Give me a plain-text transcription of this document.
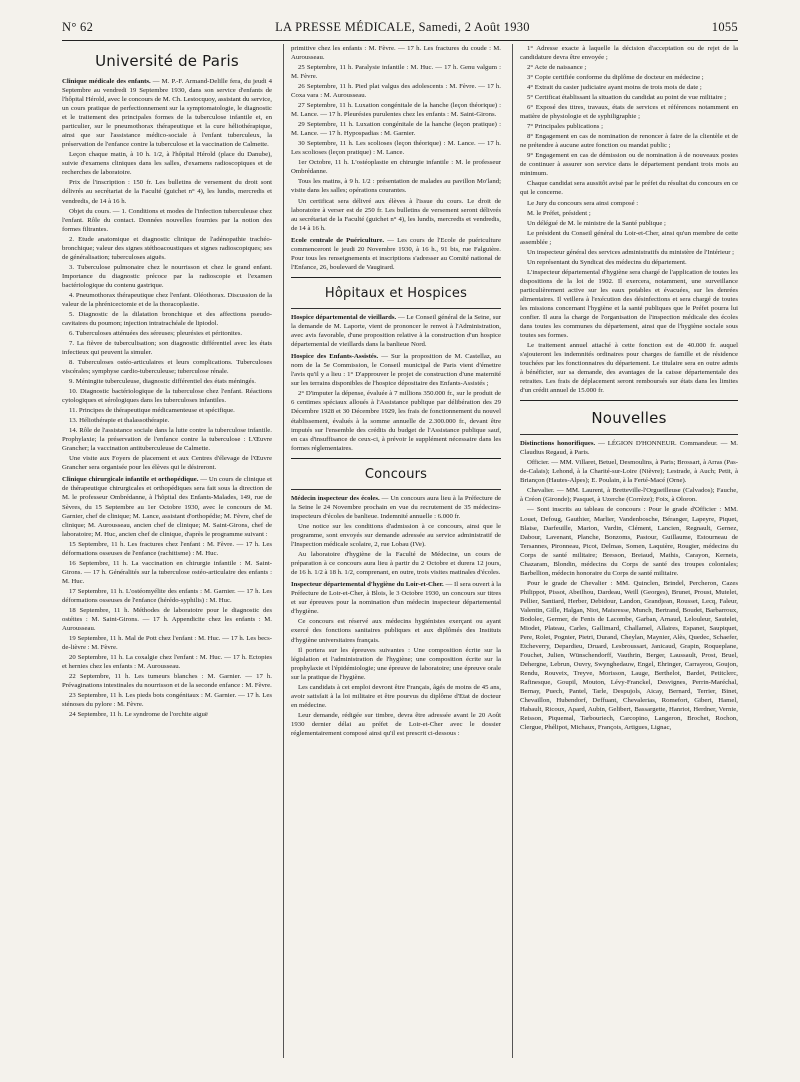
N° 62	LA PRESSE MÉDICALE, Samedi, 2 Août 1930	1055
Université de Paris

Clinique médicale des enfants. — M. P.-F. Armand-Delille fera, du jeudi 4 Septembre au vendredi 19 Septembre 1930, dans son service d'enfants de l'hôpital Hérold, avec le concours de M. Ch. Lestocquoy, assistant du service, un cours pratique de perfectionnement sur la symptomatologie, le diagnostic et le traitement des principales formes de la tuberculose infantile et, en particulier, sur le pneumothorax thérapeutique et la cure héliothérapique, ainsi que sur l'assistance médico-sociale à l'enfant tuberculeux, la préservation de l'enfance contre la tuberculose et la vaccination de Calmette.

Leçon chaque matin, à 10 h. 1/2, à l'hôpital Hérold (place du Danube), suivie d'examens cliniques dans les salles, d'examens radioscopiques et de recherches de laboratoire.

Prix de l'inscription : 150 fr. Les bulletins de versement du droit sont délivrés au secrétariat de la Faculté (guichet n° 4), les lundis, mercredis et vendredis, de 14 à 16 h.

Objet du cours. — 1. Conditions et modes de l'infection tuberculeuse chez l'enfant. Rôle du contact. Données nouvelles fournies par la notion des formes filtrantes.

2. Etude anatomique et diagnostic clinique de l'adénopathie trachéo-bronchique; valeur des signes stéthoacoustiques et signes radioscopiques; ses de généralisation; tuberculoses aiguës.

3. Tuberculose pulmonaire chez le nourrisson et chez le grand enfant. Importance du diagnostic précoce par la radioscopie et l'examen bactériologique du contenu gastrique.

4. Pneumothorax thérapeutique chez l'enfant. Oléothorax. Discussion de la valeur de la phrénicectomie et de la thoracoplastie.

5. Diagnostic de la dilatation bronchique et des affections pseudo-cavitaires du poumon; injection intratrachéale de lipiodol.

6. Tuberculoses atténuées des séreuses; pleurésies et péritonites.

7. La fièvre de tuberculisation; son diagnostic différentiel avec les états infectieux qui peuvent la simuler.

8. Tuberculoses ostéo-articulaires et leurs complications. Tuberculoses viscérales; symphyse cardio-tuberculeuse; tuberculose rénale.

9. Méningite tuberculeuse, diagnostic différentiel des états méningés.

10. Diagnostic bactériologique de la tuberculose chez l'enfant. Réactions cytologiques et sérologiques dans les tuberculoses infantiles.

11. Principes de thérapeutique médicamenteuse et spécifique.

13. Héliothérapie et thalassothérapie.

14. Rôle de l'assistance sociale dans la lutte contre la tuberculose infantile. Prophylaxie; la préservation de l'enfance contre la tuberculose : L'Œuvre Grancher; la vaccination antituberculeuse de Calmette.

Une visite aux Foyers de placement et aux Centres d'élevage de l'Œuvre Grancher sera organisée pour les élèves qui le désireront.

Clinique chirurgicale infantile et orthopédique. — Un cours de clinique et de thérapeutique chirurgicales et orthopédiques sera fait sous la direction de M. le professeur Ombrédanne, à l'hôpital des Enfants-Malades, 149, rue de Sèvres, du 15 Septembre au 1er Octobre 1930, avec le concours de M. Garnier, chef de clinique; M. Lance, assistant d'orthopédie; M. Fèvre, chef de clinique; M. Aurousseau, ancien chef de clinique; M. Saint-Girons, chef de laboratoire; M. Huc, ancien chef de clinique, d'après le programme suivant :

15 Septembre, 11 h. Les fractures chez l'enfant : M. Fèvre. — 17 h. Les déformations osseuses de l'enfance (rachitisme) : M. Huc.

16 Septembre, 11 h. La vaccination en chirurgie infantile : M. Saint-Girons. — 17 h. Généralités sur la tuberculose ostéo-articulaire des enfants : M. Huc.

17 Septembre, 11 h. L'ostéomyélite des enfants : M. Garnier. — 17 h. Les déformations osseuses de l'enfance (hérédo-syphilis) : M. Huc.

18 Septembre, 11 h. Méthodes de laboratoire pour le diagnostic des ostéites : M. Saint-Girons. — 17 h. Appendicite chez les enfants : M. Aurousseau.

19 Septembre, 11 h. Mal de Pott chez l'enfant : M. Huc. — 17 h. Les becs-de-lièvre : M. Fèvre.

20 Septembre, 11 h. La coxalgie chez l'enfant : M. Huc. — 17 h. Ectopies et hernies chez les enfants : M. Aurousseau.

22 Septembre, 11 h. Les tumeurs blanches : M. Garnier. — 17 h. Prévaginations intestinales du nourrisson et de la seconde enfance : M. Fèvre.

23 Septembre, 11 h. Les pieds bots congénitaux : M. Garnier. — 17 h. Les sténoses du pylore : M. Fèvre.

24 Septembre, 11 h. Le syndrome de l'orchite aiguë

primitive chez les enfants : M. Fèvre. — 17 h. Les fractures du coude : M. Aurousseau.

25 Septembre, 11 h. Paralysie infantile : M. Huc. — 17 h. Genu valgum : M. Fèvre.

26 Septembre, 11 h. Pied plat valgus des adolescents : M. Fèvre. — 17 h. Coxa vara : M. Aurousseau.

27 Septembre, 11 h. Luxation congénitale de la hanche (leçon théorique) : M. Lance. — 17 h. Pleurésies purulentes chez les enfants : M. Saint-Girons.

29 Septembre, 11 h. Luxation congénitale de la hanche (leçon pratique) : M. Lance. — 17 h. Hypospadias : M. Garnier.

30 Septembre, 11 h. Les scolioses (leçon théorique) : M. Lance. — 17 h. Les scolioses (leçon pratique) : M. Lance.

1er Octobre, 11 h. L'ostéoplastie en chirurgie infantile : M. le professeur Ombrédanne.

Tous les matins, à 9 h. 1/2 : présentation de malades au pavillon Mo'land; visite dans les salles; opérations courantes.

Un certificat sera délivré aux élèves à l'issue du cours. Le droit de laboratoire à verser est de 250 fr. Les bulletins de versement seront délivrés au secrétariat de la Faculté (guichet n° 4), les lundis, mercredis et vendredis, de 14 à 16 h.

Ecole centrale de Puériculture. — Les cours de l'Ecole de puériculture commenceront le jeudi 20 Novembre 1930, à 16 h., 91 bis, rue Falguière. Pour tous les renseignements et inscriptions s'adresser au Comité national de l'Enfance, 26, boulevard de Vaugirard.

Hôpitaux et Hospices

Hospice départemental de vieillards. — Le Conseil général de la Seine, sur la demande de M. Laporte, vient de prononcer le renvoi à l'Administration, avec avis favorable, d'une proposition relative à la construction d'un hospice départemental de vieillards dans la banlieue Nord.

Hospice des Enfants-Assistés. — Sur la proposition de M. Castellaz, au nom de la 5e Commission, le Conseil municipal de Paris vient d'émettre l'avis qu'il y a lieu : 1° D'approuver le projet de construction d'une maternité sur les terrains disponibles de l'hospice dépositaire des Enfants-Assistés ;

2° D'imputer la dépense, évaluée à 7 millions 350.000 fr., sur le produit de 6 centimes spéciaux alloués à l'Assistance publique par délibération des 29 Décembre 1928 et 30 Décembre 1929, les frais de fonctionnement du nouvel établissement, évalués à la somme annuelle de 2.300.000 fr., devant être imputés sur l'ensemble des crédits du budget de l'Assistance publique sauf, en cas d'insuffisance de ceux-ci, à prévoir le supplément nécessaire dans les formes réglementaires.

Concours

Médecin inspecteur des écoles. — Un concours aura lieu à la Préfecture de la Seine le 24 Novembre prochain en vue du recrutement de 35 médecins-inspecteurs d'écoles de banlieue. Indemnité annuelle : 6.000 fr.

Une notice sur les conditions d'admission à ce concours, ainsi que le programme, sont envoyés sur demande adressée au service administratif de l'Inspection médicale scolaire, 2, rue Lobau (IVe).

Au laboratoire d'hygiène de la Faculté de Médecine, un cours de préparation à ce concours aura lieu à partir du 2 Octobre et durera 12 jours, de 16 h. 1/2 à 18 h. 1/2, comprenant, en outre, trois visites matinales d'écoles.

Inspecteur départemental d'hygiène du Loir-et-Cher. — Il sera ouvert à la Préfecture de Loir-et-Cher, à Blois, le 3 Octobre 1930, un concours sur titres et sur épreuves pour la nomination d'un médecin inspecteur départemental d'hygiène.

Ce concours est réservé aux médecins hygiénistes exerçant ou ayant exercé des fonctions sanitaires publiques et aux diplômés des Instituts d'hygiène universitaires français.

Il portera sur les épreuves suivantes : Une composition écrite sur la législation et l'administration de l'hygiène; une composition écrite sur la prophylaxie et l'épidémiologie; une épreuve de laboratoire; une épreuve orale sur la pratique de l'hygiène.

Les candidats à cet emploi devront être Français, âgés de moins de 45 ans, avoir satisfait à la loi militaire et être pourvus du diplôme d'Etat de docteur en médecine.

Leur demande, rédigée sur timbre, devra être adressée avant le 20 Août 1930 dernier délai au préfet de Loir-et-Cher avec le dossier réglementairement composé ainsi qu'il est prescrit ci-dessous :

1° Adresse exacte à laquelle la décision d'acceptation ou de rejet de la candidature devra être envoyée ;

2° Acte de naissance ;

3° Copie certifiée conforme du diplôme de docteur en médecine ;

4° Extrait du casier judiciaire ayant moins de trois mois de date ;

5° Certificat établissant la situation du candidat au point de vue militaire ;

6° Exposé des titres, travaux, états de services et références notamment en matière de physiologie et de syphiligraphie ;

7° Principales publications ;

8° Engagement en cas de nomination de renoncer à faire de la clientèle et de ne prétendre à aucune autre fonction ou mandat public ;

9° Engagement en cas de démission ou de nomination à de nouveaux postes de continuer à assurer son service dans le département pendant trois mois au minimum.

Chaque candidat sera aussitôt avisé par le préfet du résultat du concours en ce qui le concerne.

Le Jury du concours sera ainsi composé :

M. le Préfet, président ;

Un délégué de M. le ministre de la Santé publique ;

Le président du Conseil général du Loir-et-Cher, ainsi qu'un membre de cette assemblée ;

Un inspecteur général des services administratifs du ministère de l'Intérieur ;

Un représentant du Syndicat des médecins du département.

L'inspecteur départemental d'hygiène sera chargé de l'application de toutes les dispositions de la loi de 1902. Il exercera, notamment, une surveillance particulièrement active sur les eaux potables et évacuées, sur les denrées alimentaires. Il veillera à l'exécution des désinfections et sera chargé de toutes les missions concernant l'hygiène et la santé publiques que le Préfet pourra lui confier. Il aura la charge de l'organisation de l'inspection médicale des écoles dans toutes les communes du département, ainsi que de l'hygiène sociale sous toutes ses formes.

Le traitement annuel attaché à cette fonction est de 40.000 fr. auquel s'ajouteront les indemnités ordinaires pour charges de famille et de résidence touchées par les fonctionnaires du département. Le titulaire sera en outre admis à bénéficier, sur sa demande, des avantages de la caisse départementale des retraites. Les frais de déplacement seront remboursés sur états dans les limites d'un crédit annuel de 15.000 fr.

Nouvelles

Distinctions honorifiques. — LÉGION D'HONNEUR. Commandeur. — M. Claudius Regaud, à Paris.

Officier. — MM. Villaret, Betuel, Desmoulins, à Paris; Brossart, à Arras (Pas-de-Calais); Lehond, à la Charité-sur-Loire (Nièvre); Lestrade, à Auch; Petit, à Briançon (Hautes-Alpes); E. Poulain, à la Ferté-Macé (Orne).

Chevalier. — MM. Laurent, à Bretteville-l'Orgueilleuse (Calvados); Fauche, à Créon (Gironde); Pasquet, à Uzerche (Corrèze); Foix, à Oloron.

— Sont inscrits au tableau de concours : Pour le grade d'Officier : MM. Louet, Defoug, Gauthier, Marlier, Vandenbosche, Béranger, Lapeyre, Piquet, Blaise, Darfeuille, Marion, Vardin, Clément, Lancien, Regnault, Gernez, Dabour, Lavenant, Planche, Bonzoms, Pastour, Guillaume, Estourneau de Tersannes, Pironneau, Picot, Delmas, Somen, Laquière, Rougier, médecins du Corps de santé militaire; Bresson, Breiaud, Mathis, Carayon, Kerneis, Chazaram, Blondin, médecins du Corps de santé des troupes coloniales; Barbellion, médecin honoraire du Corps de santé militaire.

Pour le grade de Chevalier : MM. Quinclen, Brindel, Percheron, Cazes Philippot, Pissot, Abeilhou, Dardeau, Weill (Georges), Brunet, Proust, Mutelet, Pellier, Santiard, Herber, Debidour, Landon, Grandjean, Rousset, Lecq, Faleur, Valentin, Gille, Halgan, Niot, Maisresse, Munch, Bertrand, Boudet, Barbarroux, Bodolec, Germer, de Fenis de Lacombe, Garban, Arnaud, Lelouleur, Sautelet, Miodet, Plateau, Carles, Gallimard, Challamel, Allaires, Espanet, Saupiquet, Pere, Rolet, Pognier, Pietri, Durand, Cheylan, Maynier, Alès, Quedec, Schaefer, Etcheverry, Depardieu, Druard, Lesbroussart, Janicaud, Grapin, Roqueplane, Fouchet, Julien, Wünschendorff, Vauthrin, Berger, Laussault, Prost, Bruel, Dehergne, Lebrun, Ouvry, Swynghedauw, Engel, Ehringer, Carrayrou, Goujon, Rendu, Rouveix, Treyve, Morisson, Lauge, Berthelot, Bardet, Petitclerc, Rafinesque, Goupil, Mouton, Lévy-Franckel, Desvignes, Perrin-Maréchal, Bernay, Puech, Pantel, Tarle, Despujols, Aicay, Bernard, Terrier, Binet, Chevaillon, Hubendorf, Deffuant, Chevalerias, Romefort, Gibert, Hamel, Habault, Ricoux, Apard, Aubin, Gelibert, Bassargette, Hanriot, Herdner, Vernie, Reisson, Piquemal, Tarbouriech, Carcopino, Langeron, Brochet, Rochon, Clergue, Phélipot, Michaux, François, Artigues, Lignac,
